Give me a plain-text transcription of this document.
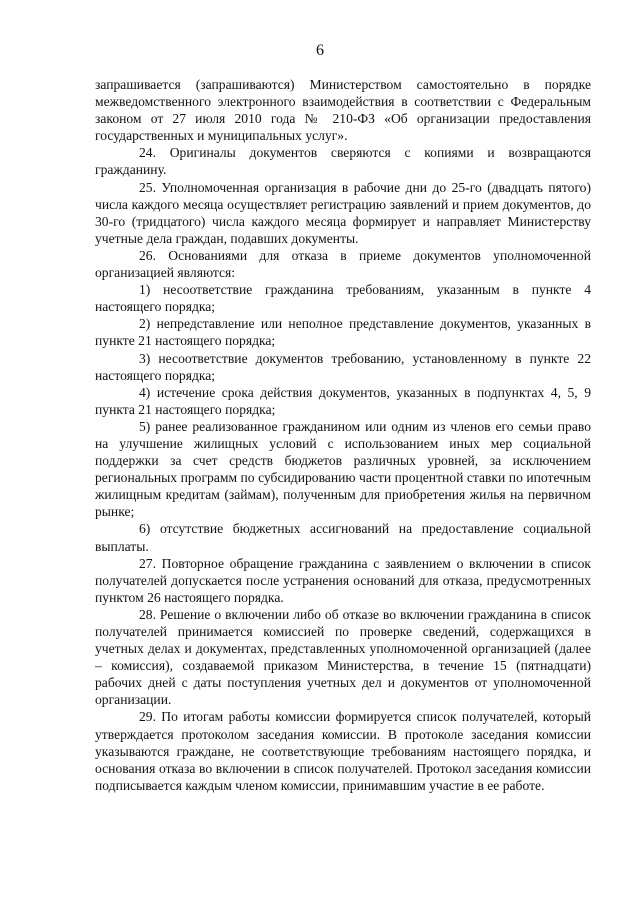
6

запрашивается (запрашиваются) Министерством самостоятельно в порядке межведомственного электронного взаимодействия в соответствии с Федеральным законом от 27 июля 2010 года № 210-ФЗ «Об организации предоставления государственных и муниципальных услуг».

24. Оригиналы документов сверяются с копиями и возвращаются гражданину.

25. Уполномоченная организация в рабочие дни до 25-го (двадцать пятого) числа каждого месяца осуществляет регистрацию заявлений и прием документов, до 30-го (тридцатого) числа каждого месяца формирует и направляет Министерству учетные дела граждан, подавших документы.

26. Основаниями для отказа в приеме документов уполномоченной организацией являются:

1) несоответствие гражданина требованиям, указанным в пункте 4 настоящего порядка;

2) непредставление или неполное представление документов, указанных в пункте 21 настоящего порядка;

3) несоответствие документов требованию, установленному в пункте 22 настоящего порядка;

4) истечение срока действия документов, указанных в подпунктах 4, 5, 9 пункта 21 настоящего порядка;

5) ранее реализованное гражданином или одним из членов его семьи право на улучшение жилищных условий с использованием иных мер социальной поддержки за счет средств бюджетов различных уровней, за исключением региональных программ по субсидированию части процентной ставки по ипотечным жилищным кредитам (займам), полученным для приобретения жилья на первичном рынке;

6) отсутствие бюджетных ассигнований на предоставление социальной выплаты.

27. Повторное обращение гражданина с заявлением о включении в список получателей допускается после устранения оснований для отказа, предусмотренных пунктом 26 настоящего порядка.

28. Решение о включении либо об отказе во включении гражданина в список получателей принимается комиссией по проверке сведений, содержащихся в учетных делах и документах, представленных уполномоченной организацией (далее – комиссия), создаваемой приказом Министерства, в течение 15 (пятнадцати) рабочих дней с даты поступления учетных дел и документов от уполномоченной организации.

29. По итогам работы комиссии формируется список получателей, который утверждается протоколом заседания комиссии. В протоколе заседания комиссии указываются граждане, не соответствующие требованиям настоящего порядка, и основания отказа во включении в список получателей. Протокол заседания комиссии подписывается каждым членом комиссии, принимавшим участие в ее работе.
